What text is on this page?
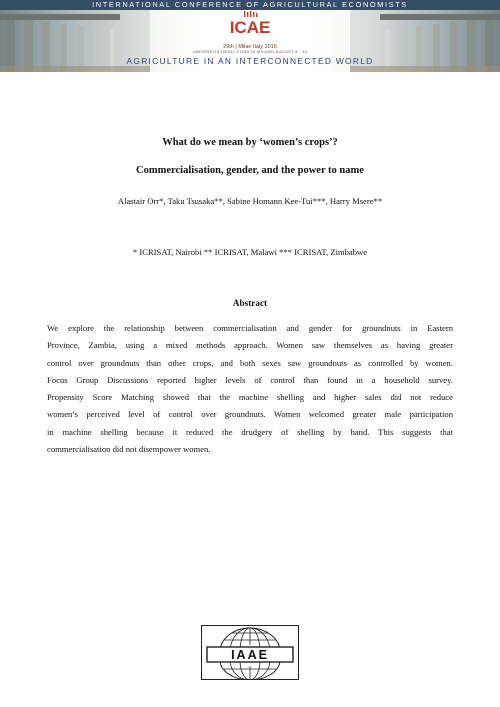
INTERNATIONAL CONFERENCE OF AGRICULTURAL ECONOMISTS
ICAE
29th | Milan Italy 2015
UNIVERSITÀ DEGLI STUDI DI MILANO AUGUST 8 - 14
AGRICULTURE IN AN INTERCONNECTED WORLD
What do we mean by ‘women’s crops’?
Commercialisation, gender, and the power to name
Alastair Orr*, Taku Tsusaka**, Sabine Homann Kee-Tui***, Harry Msere**
* ICRISAT, Nairobi ** ICRISAT, Malawi *** ICRISAT, Zimbabwe
Abstract
We explore the relationship between commercialisation and gender for groundnuts in Eastern
Province, Zambia, using a mixed methods approach. Women saw themselves as having greater
control over groundnuts than other crops, and both sexes saw groundnuts as controlled by women.
Focus Group Discussions reported higher levels of control than found in a household survey.
Propensity Score Matching showed that the machine shelling and higher sales did not reduce
women’s perceived level of control over groundnuts. Women welcomed greater male participation
in machine shelling because it reduced the drudgery of shelling by hand. This suggests that
commercialisation did not disempower women.
IAAE
